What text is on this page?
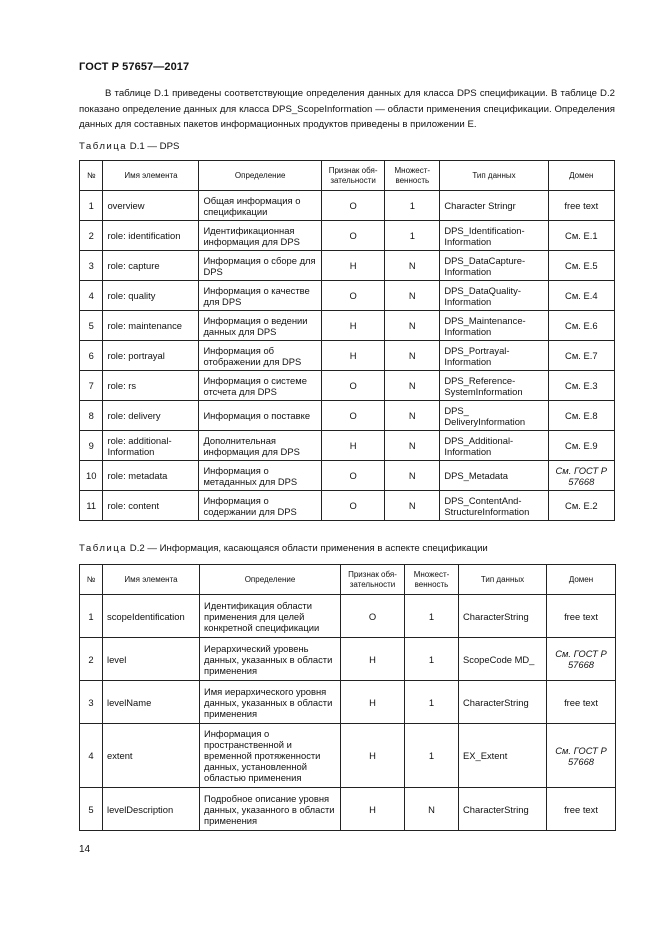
ГОСТ Р 57657—2017

В таблице D.1 приведены соответствующие определения данных для класса DPS спецификации. В таблице D.2 показано определение данных для класса DPS_ScopeInformation — области применения спецификации. Определения данных для составных пакетов информационных продуктов приведены в приложении Е.

Таблица D.1 — DPS
№	Имя элемента	Определение	Признак обя-зательности	Множест-венность	Тип данных	Домен
1	overview	Общая информация о спецификации	О	1	Character Stringr	free text
2	role: identification	Идентификационная информация для DPS	О	1	DPS_Identification-Information	См. Е.1
3	role: capture	Информация о сборе для DPS	Н	N	DPS_DataCapture-Information	См. Е.5
4	role: quality	Информация о качестве для DPS	О	N	DPS_DataQuality-Information	См. Е.4
5	role: maintenance	Информация о ведении данных для DPS	Н	N	DPS_Maintenance-Information	См. Е.6
6	role: portrayal	Информация об отображении для DPS	Н	N	DPS_Portrayal-Information	См. Е.7
7	role: rs	Информация о системе отсчета для DPS	О	N	DPS_Reference-SystemInformation	См. Е.3
8	role: delivery	Информация о поставке	О	N	DPS_ DeliveryInformation	См. Е.8
9	role: additional-Information	Дополнительная информация для DPS	Н	N	DPS_Additional-Information	См. Е.9
10	role: metadata	Информация о метаданных для DPS	О	N	DPS_Metadata	См. ГОСТ Р 57668
11	role: content	Информация о содержании для DPS	О	N	DPS_ContentAnd-StructureInformation	См. Е.2
Таблица D.2 — Информация, касающаяся области применения в аспекте спецификации
№	Имя элемента	Определение	Признак обя-зательности	Множест-венность	Тип данных	Домен
1	scopeIdentification	Идентификация области применения для целей конкретной спецификации	О	1	CharacterString	free text
2	level	Иерархический уровень данных, указанных в области применения	Н	1	ScopeCode MD_	См. ГОСТ Р 57668
3	levelName	Имя иерархического уровня данных, указанных в области применения	Н	1	CharacterString	free text
4	extent	Информация о пространственной и временной протяженности данных, установленной областью применения	Н	1	EX_Extent	См. ГОСТ Р 57668
5	levelDescription	Подробное описание уровня данных, указанного в области применения	Н	N	CharacterString	free text
14
